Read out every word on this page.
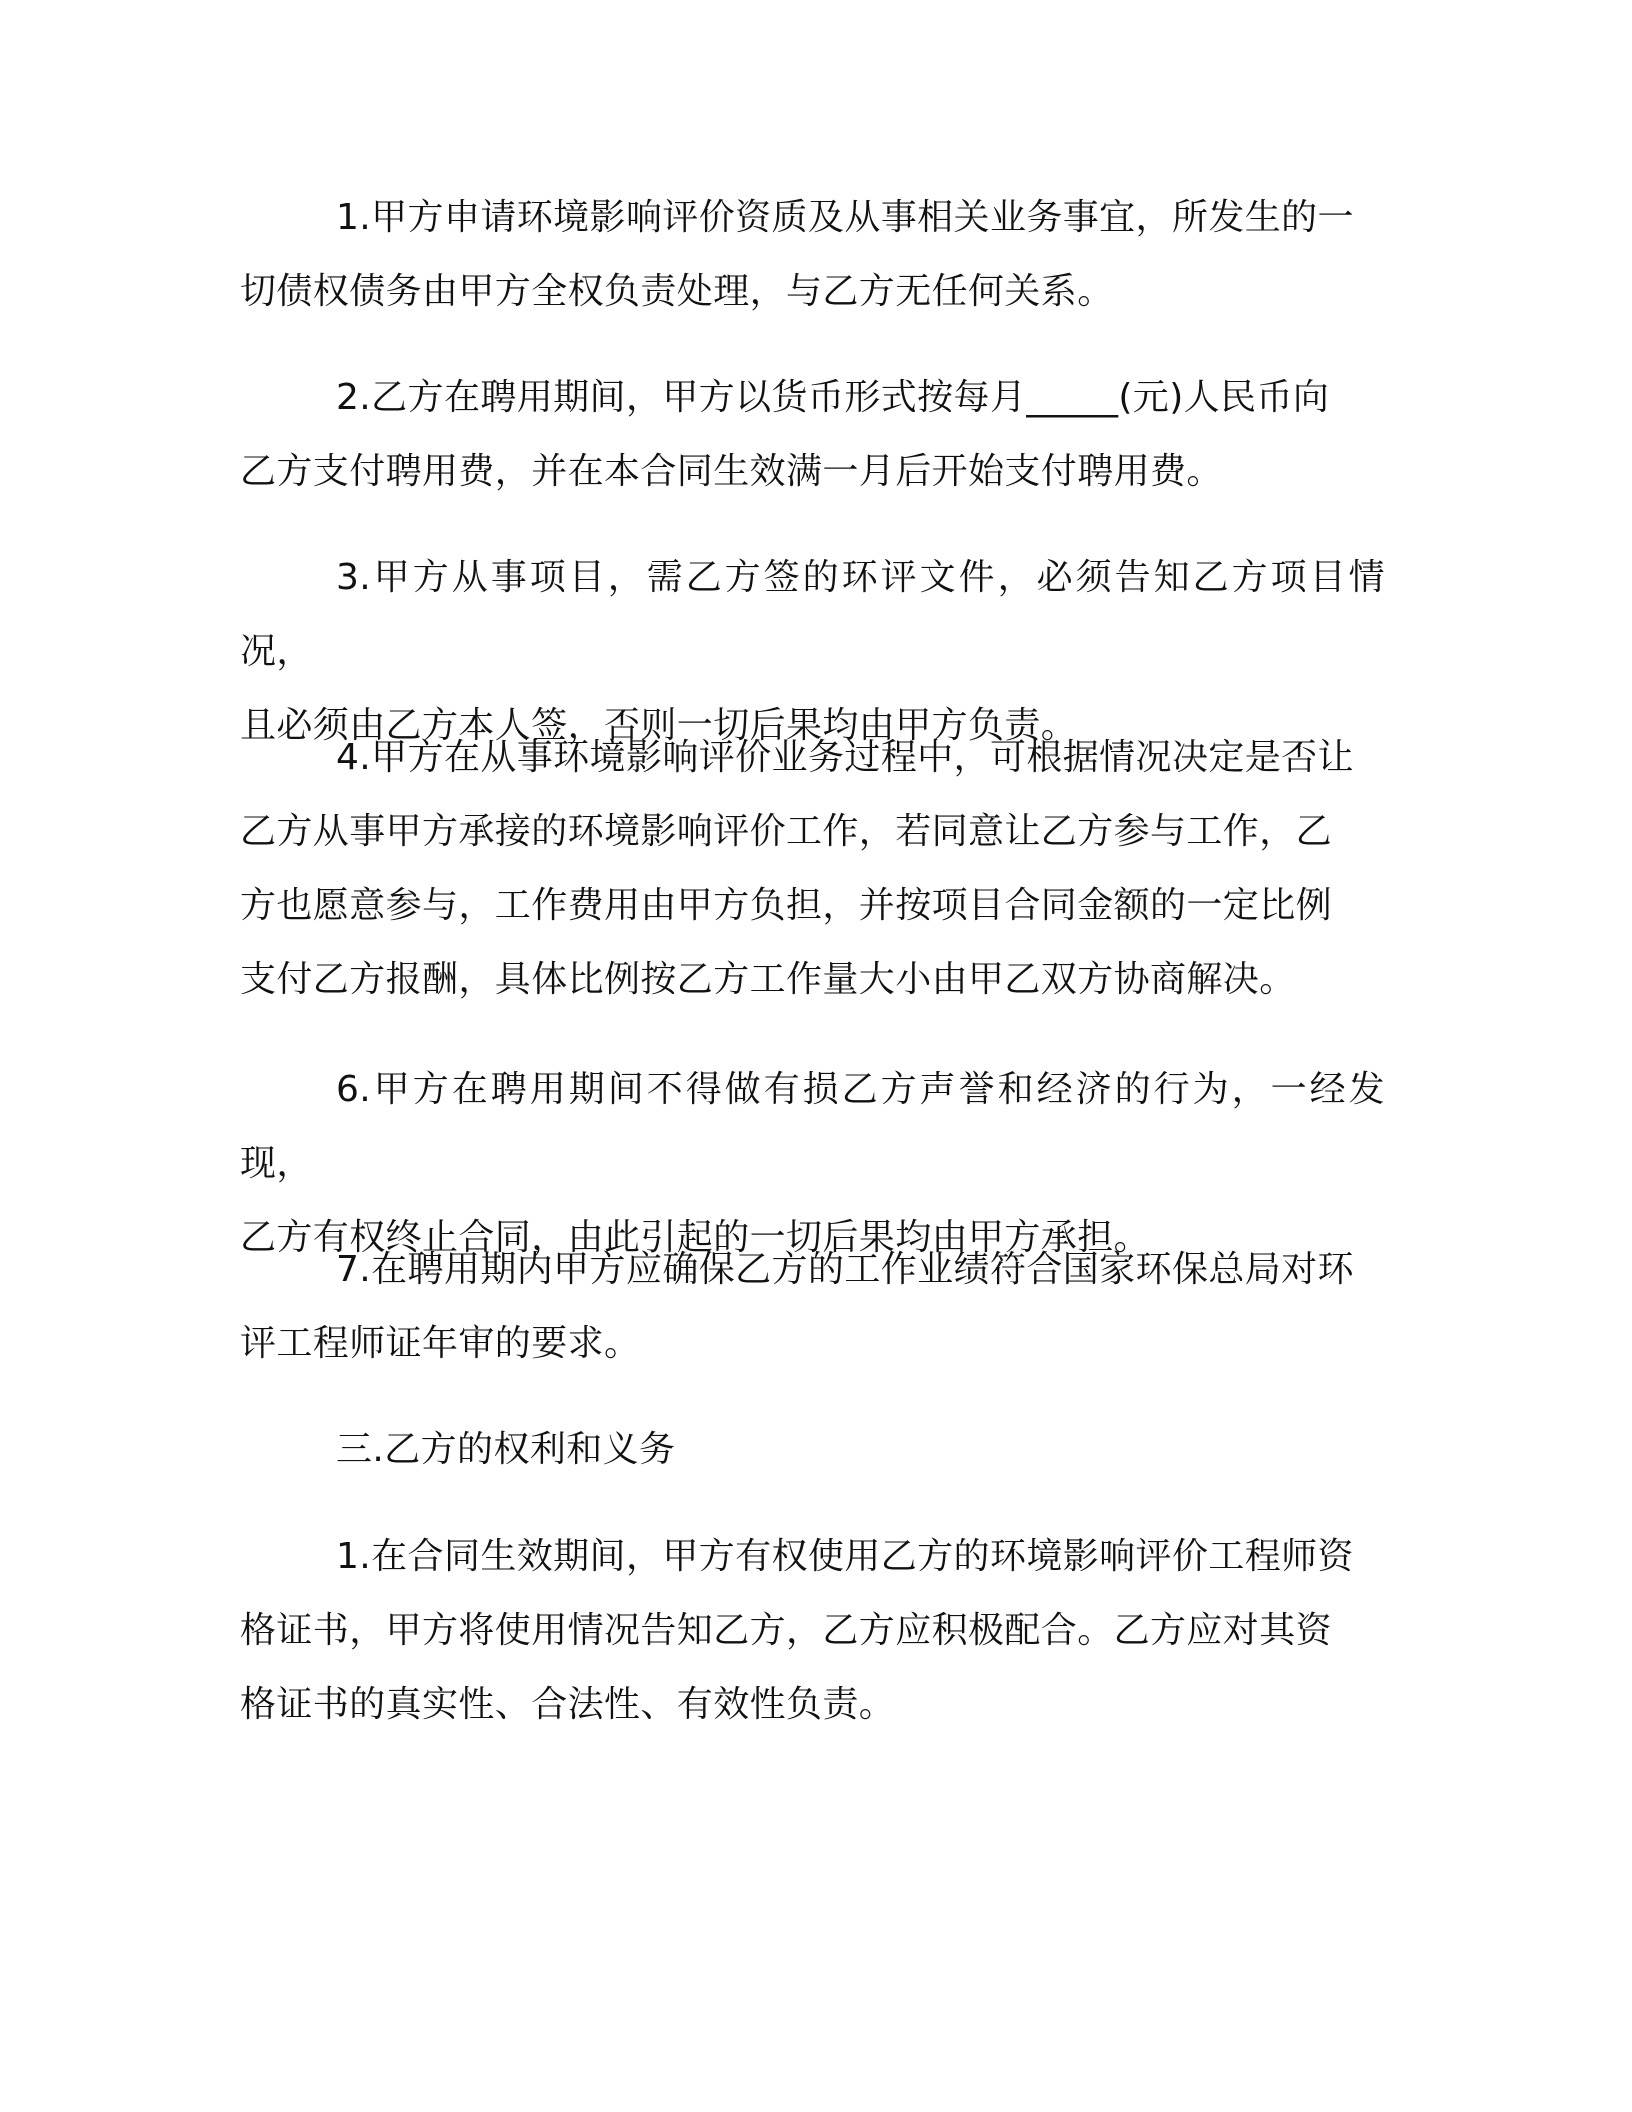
1.甲方申请环境影响评价资质及从事相关业务事宜，所发生的一
切债权债务由甲方全权负责处理，与乙方无任何关系。

2.乙方在聘用期间，甲方以货币形式按每月_____(元)人民币向
乙方支付聘用费，并在本合同生效满一月后开始支付聘用费。

3.甲方从事项目，需乙方签的环评文件，必须告知乙方项目情况，
且必须由乙方本人签，否则一切后果均由甲方负责。

4.甲方在从事环境影响评价业务过程中，可根据情况决定是否让
乙方从事甲方承接的环境影响评价工作，若同意让乙方参与工作，乙
方也愿意参与，工作费用由甲方负担，并按项目合同金额的一定比例
支付乙方报酬，具体比例按乙方工作量大小由甲乙双方协商解决。

6.甲方在聘用期间不得做有损乙方声誉和经济的行为，一经发现，
乙方有权终止合同，由此引起的一切后果均由甲方承担。

7.在聘用期内甲方应确保乙方的工作业绩符合国家环保总局对环
评工程师证年审的要求。

三.乙方的权利和义务

1.在合同生效期间，甲方有权使用乙方的环境影响评价工程师资
格证书，甲方将使用情况告知乙方，乙方应积极配合。乙方应对其资
格证书的真实性、合法性、有效性负责。
